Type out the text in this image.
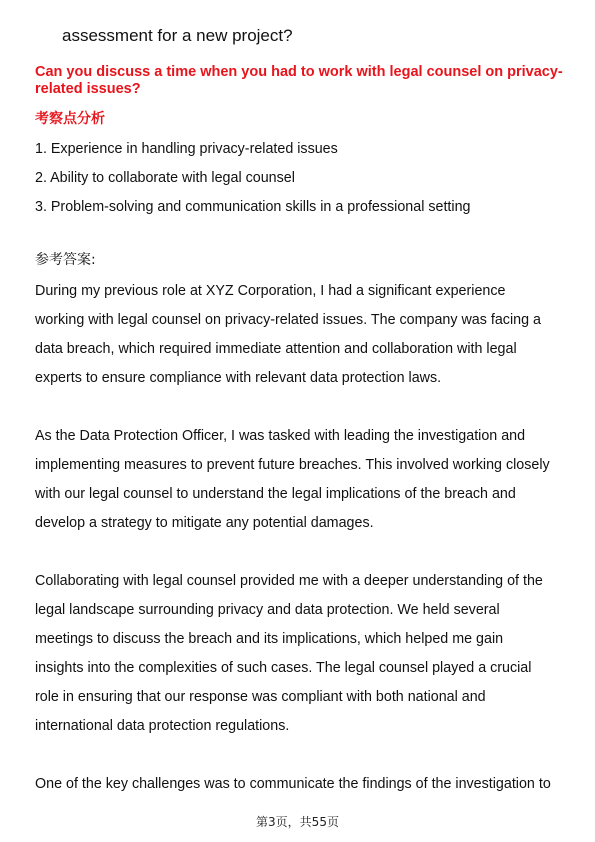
assessment for a new project?
Can you discuss a time when you had to work with legal counsel on privacy-
related issues?
考察点分析
1. Experience in handling privacy-related issues
2. Ability to collaborate with legal counsel
3. Problem-solving and communication skills in a professional setting
参考答案:

During my previous role at XYZ Corporation, I had a significant experience
working with legal counsel on privacy-related issues. The company was facing a
data breach, which required immediate attention and collaboration with legal
experts to ensure compliance with relevant data protection laws.

As the Data Protection Officer, I was tasked with leading the investigation and
implementing measures to prevent future breaches. This involved working closely
with our legal counsel to understand the legal implications of the breach and
develop a strategy to mitigate any potential damages.

Collaborating with legal counsel provided me with a deeper understanding of the
legal landscape surrounding privacy and data protection. We held several
meetings to discuss the breach and its implications, which helped me gain
insights into the complexities of such cases. The legal counsel played a crucial
role in ensuring that our response was compliant with both national and
international data protection regulations.

One of the key challenges was to communicate the findings of the investigation to

第3页，共55页
